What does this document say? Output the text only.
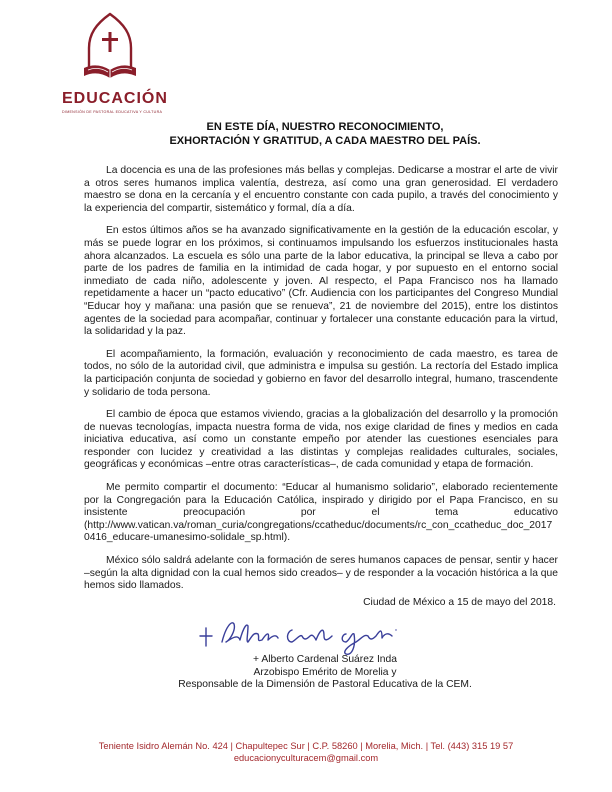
EDUCACIÓN
DIMENSIÓN DE PASTORAL EDUCATIVA Y CULTURA
EN ESTE DÍA, NUESTRO RECONOCIMIENTO,
EXHORTACIÓN Y GRATITUD, A CADA MAESTRO DEL PAÍS.

La docencia es una de las profesiones más bellas y complejas. Dedicarse a mostrar el arte de vivir a otros seres humanos implica valentía, destreza, así como una gran generosidad. El verdadero maestro se dona en la cercanía y el encuentro constante con cada pupilo, a través del conocimiento y la experiencia del compartir, sistemático y formal, día a día.

En estos últimos años se ha avanzado significativamente en la gestión de la educación escolar, y más se puede lograr en los próximos, si continuamos impulsando los esfuerzos institucionales hasta ahora alcanzados. La escuela es sólo una parte de la labor educativa, la principal se lleva a cabo por parte de los padres de familia en la intimidad de cada hogar, y por supuesto en el entorno social inmediato de cada niño, adolescente y joven. Al respecto, el Papa Francisco nos ha llamado repetidamente a hacer un “pacto educativo” (Cfr. Audiencia con los participantes del Congreso Mundial “Educar hoy y mañana: una pasión que se renueva”, 21 de noviembre del 2015), entre los distintos agentes de la sociedad para acompañar, continuar y fortalecer una constante educación para la virtud, la solidaridad y la paz.

El acompañamiento, la formación, evaluación y reconocimiento de cada maestro, es tarea de todos, no sólo de la autoridad civil, que administra e impulsa su gestión. La rectoría del Estado implica la participación conjunta de sociedad y gobierno en favor del desarrollo integral, humano, trascendente y solidario de toda persona.

El cambio de época que estamos viviendo, gracias a la globalización del desarrollo y la promoción de nuevas tecnologías, impacta nuestra forma de vida, nos exige claridad de fines y medios en cada iniciativa educativa, así como un constante empeño por atender las cuestiones esenciales para responder con lucidez y creatividad a las distintas y complejas realidades culturales, sociales, geográficas y económicas –entre otras características–, de cada comunidad y etapa de formación.

Me permito compartir el documento: “Educar al humanismo solidario”, elaborado recientemente por la Congregación para la Educación Católica, inspirado y dirigido por el Papa Francisco, en su insistente preocupación por el tema educativo

(http://www.vatican.va/roman_curia/congregations/ccatheduc/documents/rc_con_ccatheduc_doc_2017 0416_educare-umanesimo-solidale_sp.html).

México sólo saldrá adelante con la formación de seres humanos capaces de pensar, sentir y hacer –según la alta dignidad con la cual hemos sido creados– y de responder a la vocación histórica a la que hemos sido llamados.

Ciudad de México a 15 de mayo del 2018.
+ Alberto Cardenal Suárez Inda
Arzobispo Emérito de Morelia y
Responsable de la Dimensión de Pastoral Educativa de la CEM.
Teniente Isidro Alemán No. 424 | Chapultepec Sur | C.P. 58260 | Morelia, Mich. | Tel. (443) 315 19 57
educacionyculturacem@gmail.com
